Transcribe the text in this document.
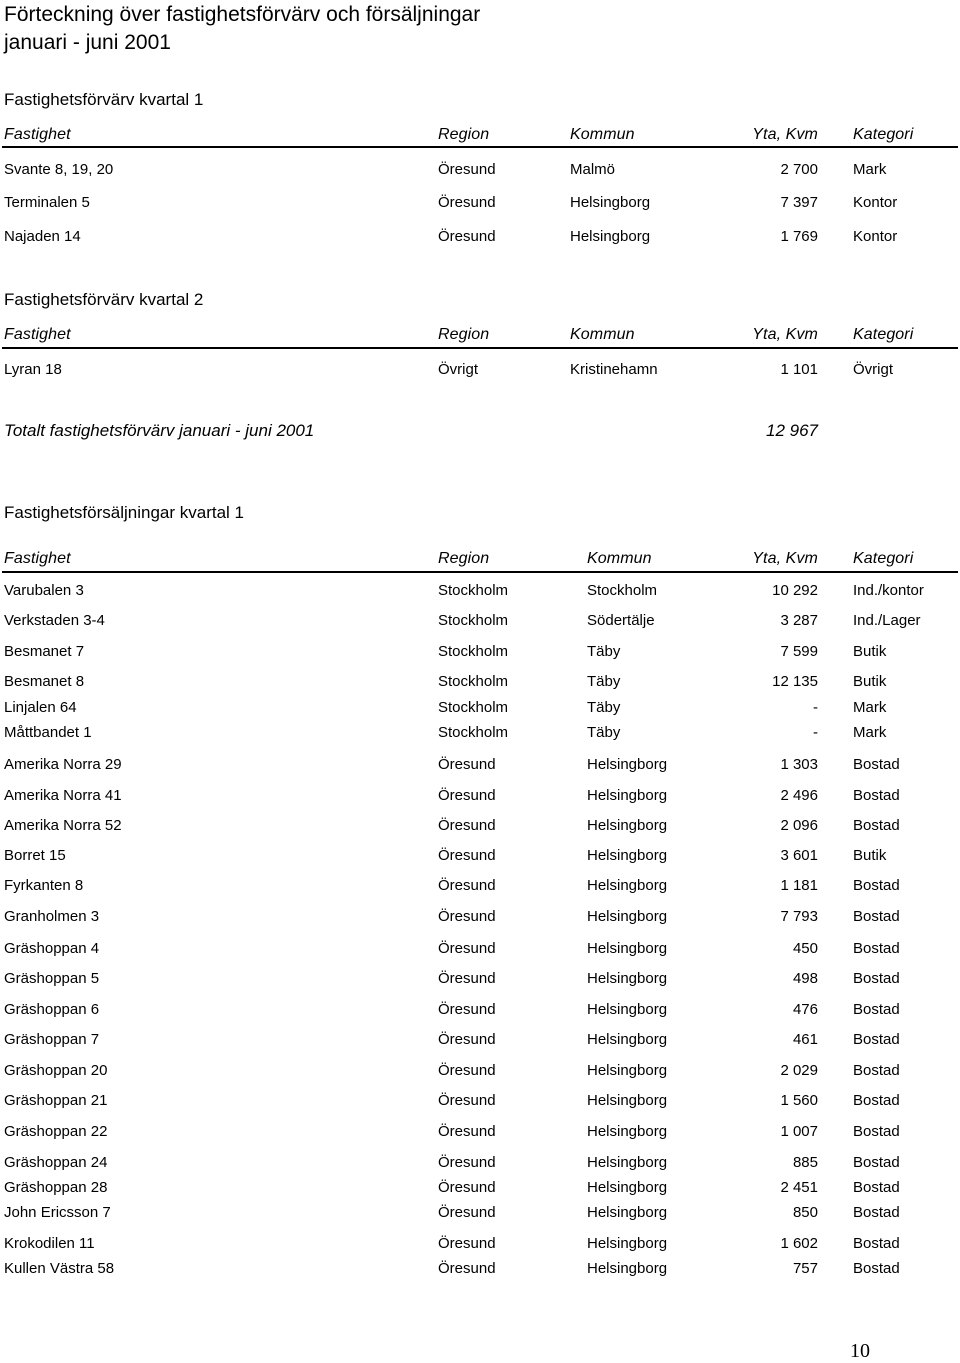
Förteckning över fastighetsförvärv och försäljningar
januari - juni 2001
Fastighetsförvärv kvartal 1
Fastighet	Region	Kommun	Yta, Kvm Kategori
Svante 8, 19, 20	Öresund	Malmö	2 700 Mark
Terminalen 5	Öresund	Helsingborg	7 397 Kontor
Najaden 14	Öresund	Helsingborg	1 769 Kontor
Fastighetsförvärv kvartal 2
Fastighet	Region	Kommun	Yta, Kvm Kategori
Lyran 18	Övrigt	Kristinehamn	1 101 Övrigt
Totalt fastighetsförvärv januari - juni 2001	12 967
Fastighetsförsäljningar kvartal 1
Fastighet	Region	Kommun	Yta, Kvm Kategori
Varubalen 3	Stockholm	Stockholm	10 292 Ind./kontor
Verkstaden 3-4	Stockholm	Södertälje	3 287 Ind./Lager
Besmanet 7	Stockholm	Täby	7 599 Butik
Besmanet 8	Stockholm	Täby	12 135 Butik
Linjalen 64	Stockholm	Täby	- Mark
Måttbandet 1	Stockholm	Täby	- Mark
Amerika Norra 29	Öresund	Helsingborg	1 303 Bostad
Amerika Norra 41	Öresund	Helsingborg	2 496 Bostad
Amerika Norra 52	Öresund	Helsingborg	2 096 Bostad
Borret 15	Öresund	Helsingborg	3 601 Butik
Fyrkanten 8	Öresund	Helsingborg	1 181 Bostad
Granholmen 3	Öresund	Helsingborg	7 793 Bostad
Gräshoppan 4	Öresund	Helsingborg	450 Bostad
Gräshoppan 5	Öresund	Helsingborg	498 Bostad
Gräshoppan 6	Öresund	Helsingborg	476 Bostad
Gräshoppan 7	Öresund	Helsingborg	461 Bostad
Gräshoppan 20	Öresund	Helsingborg	2 029 Bostad
Gräshoppan 21	Öresund	Helsingborg	1 560 Bostad
Gräshoppan 22	Öresund	Helsingborg	1 007 Bostad
Gräshoppan 24	Öresund	Helsingborg	885 Bostad
Gräshoppan 28	Öresund	Helsingborg	2 451 Bostad
John Ericsson 7	Öresund	Helsingborg	850 Bostad
Krokodilen 11	Öresund	Helsingborg	1 602 Bostad
Kullen Västra 58	Öresund	Helsingborg	757 Bostad
10
